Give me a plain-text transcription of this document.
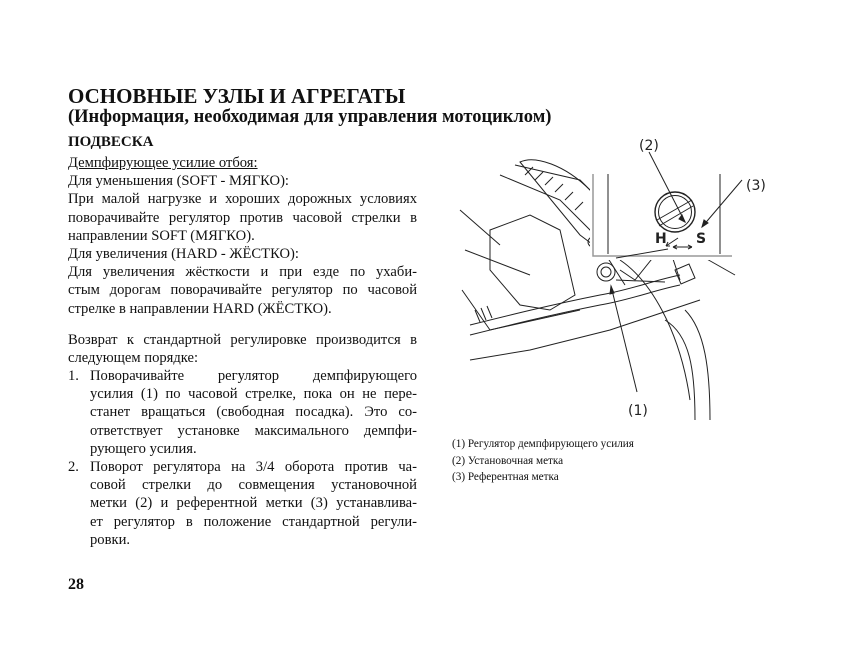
ОСНОВНЫЕ УЗЛЫ И АГРЕГАТЫ
(Информация, необходимая для управления мотоциклом)
ПОДВЕСКА
Демпфирующее усилие отбоя:
Для уменьшения (SOFT - МЯГКО):
При малой нагрузке и хороших дорожных условиях
поворачивайте регулятор против часовой стрелки в
направлении SOFT (МЯГКО).
Для увеличения (HARD - ЖЁСТКО):
Для увеличения жёсткости и при езде по ухаби-
стым дорогам поворачивайте регулятор по часовой
стрелке в направлении HARD (ЖЁСТКО).
Возврат к стандартной регулировке производится в
следующем порядке:
1. Поворачивайте регулятор демпфирующего
усилия (1) по часовой стрелке, пока он не пере-
станет вращаться (свободная посадка). Это со-
ответствует установке максимального демпфи-
рующего усилия.
2. Поворот регулятора на 3/4 оборота против ча-
совой стрелки до совмещения установочной
метки (2) и референтной метки (3) устанавлива-
ет регулятор в положение стандартной регули-
ровки.
H S
(2)
(3)
(1)
(1) Регулятор демпфирующего усилия
(2) Установочная метка
(3) Референтная метка
28
